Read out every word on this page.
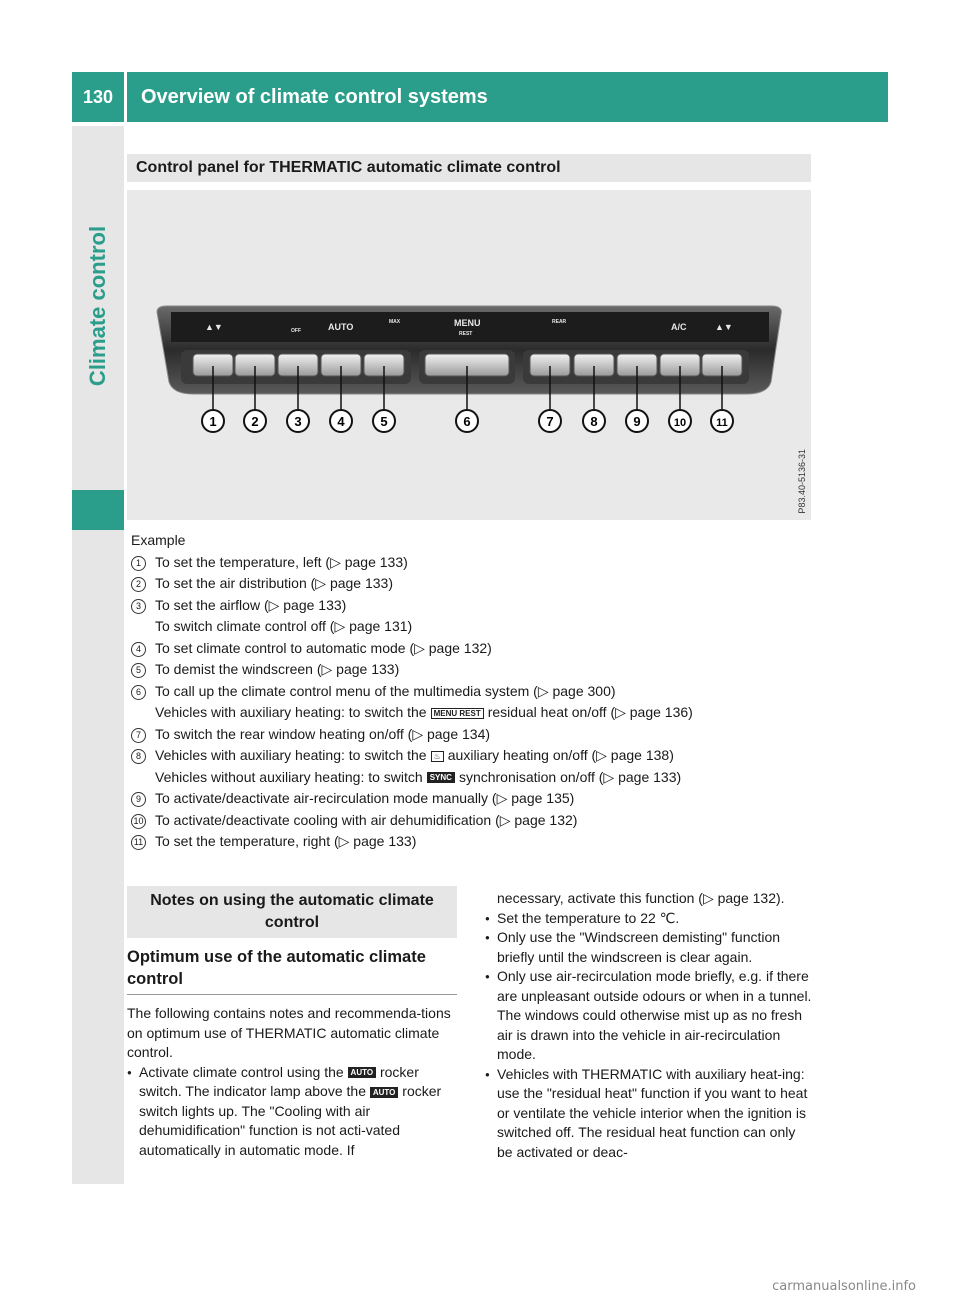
130	Overview of climate control systems
Climate control
Control panel for THERMATIC automatic climate control
▲▼	AUTO	MENU
REST
REAR	A/C	▲▼
OFF
MAX
1	2	3	4	5	6	7	8	9	10	11
P83.40-5136-31
Example
1	To set the temperature, left (▷ page 133)
2	To set the air distribution (▷ page 133)
3	To set the airflow (▷ page 133)
To switch climate control off (▷ page 131)
4	To set climate control to automatic mode (▷ page 132)
5	To demist the windscreen (▷ page 133)
6	To call up the climate control menu of the multimedia system (▷ page 300)
Vehicles with auxiliary heating: to switch the MENU REST residual heat on/off (▷ page 136)
7	To switch the rear window heating on/off (▷ page 134)
8	Vehicles with auxiliary heating: to switch the ♨ auxiliary heating on/off (▷ page 138)
Vehicles without auxiliary heating: to switch SYNC synchronisation on/off (▷ page 133)
9	To activate/deactivate air-recirculation mode manually (▷ page 135)
10 To activate/deactivate cooling with air dehumidification (▷ page 132)
11 To set the temperature, right (▷ page 133)
Notes on using the automatic climate control
Optimum use of the automatic climate control

The following contains notes and recommenda-tions on optimum use of THERMATIC automatic climate control.

● Activate climate control using the AUTO rocker switch. The indicator lamp above the AUTO rocker switch lights up. The "Cooling with air dehumidification" function is not acti-vated automatically in automatic mode. If

necessary, activate this function (▷ page 132).

● Set the temperature to 22 ℃.
● Only use the "Windscreen demisting" function briefly until the windscreen is clear again.
● Only use air-recirculation mode briefly, e.g. if there are unpleasant outside odours or when in a tunnel. The windows could otherwise mist up as no fresh air is drawn into the vehicle in air-recirculation mode.
● Vehicles with THERMATIC with auxiliary heat-ing: use the "residual heat" function if you want to heat or ventilate the vehicle interior when the ignition is switched off. The residual heat function can only be activated or deac-
carmanualsonline.info
